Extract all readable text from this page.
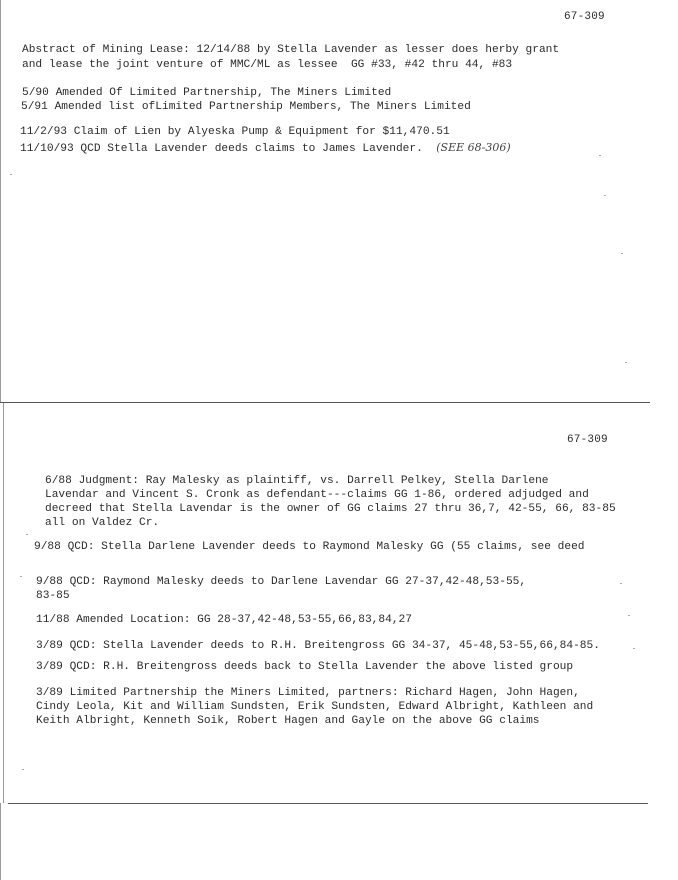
67-309

Abstract of Mining Lease: 12/14/88 by Stella Lavender as lesser does herby grant

and lease the joint venture of MMC/ML as lessee  GG #33, #42 thru 44, #83

5/90 Amended Of Limited Partnership, The Miners Limited

5/91 Amended list ofLimited Partnership Members, The Miners Limited

11/2/93 Claim of Lien by Alyeska Pump & Equipment for $11,470.51

11/10/93 QCD Stella Lavender deeds claims to James Lavender. (SEE 68-306)

67-309

6/88 Judgment: Ray Malesky as plaintiff, vs. Darrell Pelkey, Stella Darlene

Lavendar and Vincent S. Cronk as defendant---claims GG 1-86, ordered adjudged and

decreed that Stella Lavendar is the owner of GG claims 27 thru 36,7, 42-55, 66, 83-85

all on Valdez Cr.

9/88 QCD: Stella Darlene Lavender deeds to Raymond Malesky GG (55 claims, see deed

9/88 QCD: Raymond Malesky deeds to Darlene Lavendar GG 27-37,42-48,53-55,

83-85

11/88 Amended Location: GG 28-37,42-48,53-55,66,83,84,27

3/89 QCD: Stella Lavender deeds to R.H. Breitengross GG 34-37, 45-48,53-55,66,84-85.

3/89 QCD: R.H. Breitengross deeds back to Stella Lavender the above listed group

3/89 Limited Partnership the Miners Limited, partners: Richard Hagen, John Hagen,

Cindy Leola, Kit and William Sundsten, Erik Sundsten, Edward Albright, Kathleen and

Keith Albright, Kenneth Soik, Robert Hagen and Gayle on the above GG claims
